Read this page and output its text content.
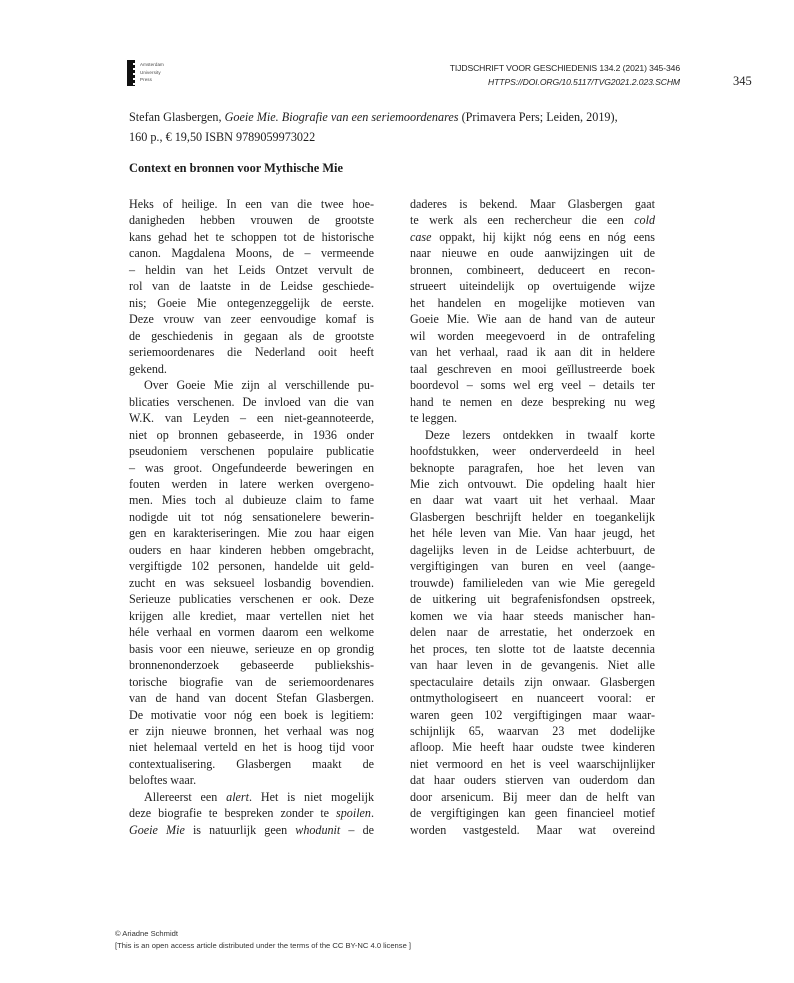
Amsterdam
University
Press
TIJDSCHRIFT VOOR GESCHIEDENIS 134.2 (2021) 345-346
HTTPS://DOI.ORG/10.5117/TVG2021.2.023.SCHM	345
Stefan Glasbergen, Goeie Mie. Biografie van een seriemoordenares (Primavera Pers; Leiden, 2019),
160 p., € 19,50 ISBN 9789059973022
Context en bronnen voor Mythische Mie
Heks of heilige. In een van die twee hoe-
danigheden hebben vrouwen de grootste
kans gehad het te schoppen tot de historische
canon. Magdalena Moons, de – vermeende
– heldin van het Leids Ontzet vervult de
rol van de laatste in de Leidse geschiede-
nis; Goeie Mie ontegenzeggelijk de eerste.
Deze vrouw van zeer eenvoudige komaf is
de geschiedenis in gegaan als de grootste
seriemoordenares die Nederland ooit heeft
gekend.
Over Goeie Mie zijn al verschillende pu-
blicaties verschenen. De invloed van die van
W.K. van Leyden – een niet-geannoteerde,
niet op bronnen gebaseerde, in 1936 onder
pseudoniem verschenen populaire publicatie
– was groot. Ongefundeerde beweringen en
fouten werden in latere werken overgeno-
men. Mies toch al dubieuze claim to fame
nodigde uit tot nóg sensationelere bewerin-
gen en karakteriseringen. Mie zou haar eigen
ouders en haar kinderen hebben omgebracht,
vergiftigde 102 personen, handelde uit geld-
zucht en was seksueel losbandig bovendien.
Serieuze publicaties verschenen er ook. Deze
krijgen alle krediet, maar vertellen niet het
héle verhaal en vormen daarom een welkome
basis voor een nieuwe, serieuze en op grondig
bronnenonderzoek gebaseerde publiekshis-
torische biografie van de seriemoordenares
van de hand van docent Stefan Glasbergen.
De motivatie voor nóg een boek is legitiem:
er zijn nieuwe bronnen, het verhaal was nog
niet helemaal verteld en het is hoog tijd voor
contextualisering. Glasbergen maakt de
beloftes waar.
Allereerst een alert. Het is niet mogelijk
deze biografie te bespreken zonder te spoilen.
Goeie Mie is natuurlijk geen whodunit – de
daderes is bekend. Maar Glasbergen gaat
te werk als een rechercheur die een cold
case oppakt, hij kijkt nóg eens en nóg eens
naar nieuwe en oude aanwijzingen uit de
bronnen, combineert, deduceert en recon-
strueert uiteindelijk op overtuigende wijze
het handelen en mogelijke motieven van
Goeie Mie. Wie aan de hand van de auteur
wil worden meegevoerd in de ontrafeling
van het verhaal, raad ik aan dit in heldere
taal geschreven en mooi geïllustreerde boek
boordevol – soms wel erg veel – details ter
hand te nemen en deze bespreking nu weg
te leggen.
Deze lezers ontdekken in twaalf korte
hoofdstukken, weer onderverdeeld in heel
beknopte paragrafen, hoe het leven van
Mie zich ontvouwt. Die opdeling haalt hier
en daar wat vaart uit het verhaal. Maar
Glasbergen beschrijft helder en toegankelijk
het héle leven van Mie. Van haar jeugd, het
dagelijks leven in de Leidse achterbuurt, de
vergiftigingen van buren en veel (aange-
trouwde) familieleden van wie Mie geregeld
de uitkering uit begrafenisfondsen opstreek,
komen we via haar steeds manischer han-
delen naar de arrestatie, het onderzoek en
het proces, ten slotte tot de laatste decennia
van haar leven in de gevangenis. Niet alle
spectaculaire details zijn onwaar. Glasbergen
ontmythologiseert en nuanceert vooral: er
waren geen 102 vergiftigingen maar waar-
schijnlijk 65, waarvan 23 met dodelijke
afloop. Mie heeft haar oudste twee kinderen
niet vermoord en het is veel waarschijnlijker
dat haar ouders stierven van ouderdom dan
door arsenicum. Bij meer dan de helft van
de vergiftigingen kan geen financieel motief
worden vastgesteld. Maar wat overeind
© Ariadne Schmidt
[This is an open access article distributed under the terms of the CC BY-NC 4.0 license ]
